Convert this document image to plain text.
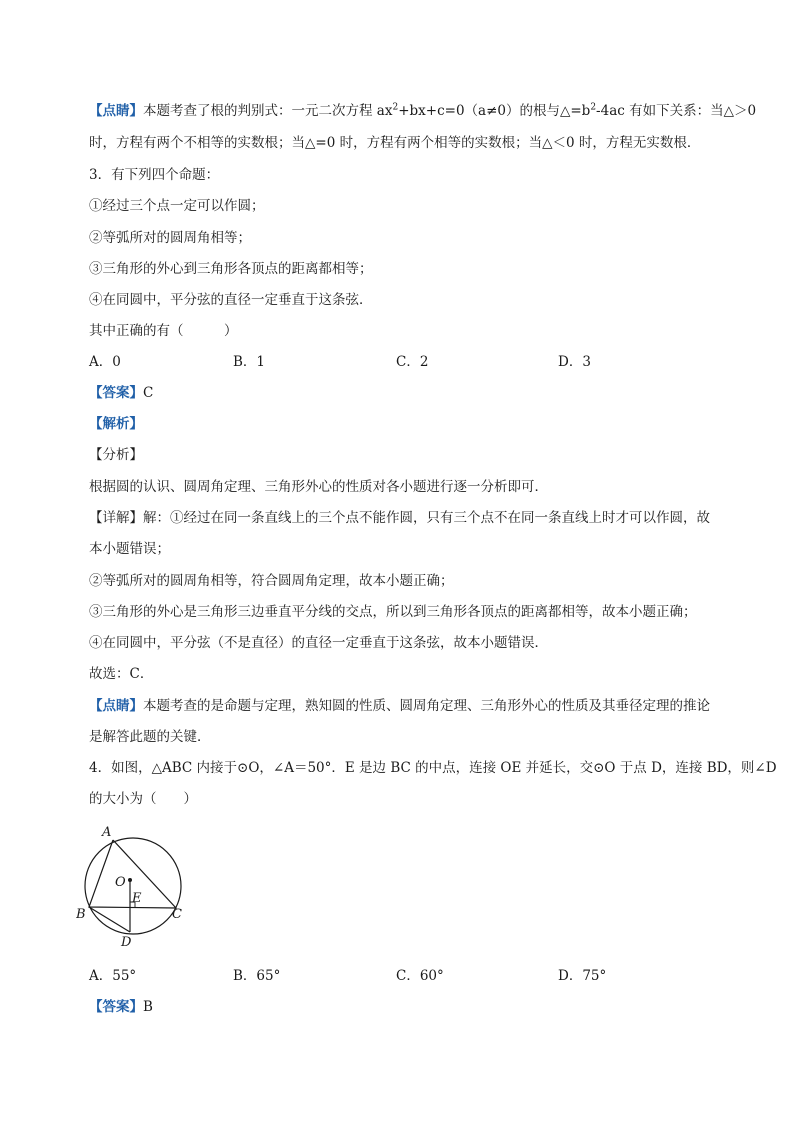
【点睛】本题考查了根的判别式：一元二次方程 $ax^2+bx+c=0(a\ne 0)$的根与$\triangle=b^2-4ac$ 有如下关系：当△＞0
时，方程有两个不相等的实数根；当△=0 时，方程有两个相等的实数根；当△＜0 时，方程无实数根．
3．有下列四个命题：
①经过三个点一定可以作圆；
②等弧所对的圆周角相等；
③三角形的外心到三角形各顶点的距离都相等；
④在同圆中，平分弦的直径一定垂直于这条弦．
其中正确的有（　　　）
A．0	B．1	C．2	D．3
【答案】C
【解析】
【分析】
根据圆的认识、圆周角定理、三角形外心的性质对各小题进行逐一分析即可．
【详解】解：①经过在同一条直线上的三个点不能作圆，只有三个点不在同一条直线上时才可以作圆，故
本小题错误；
②等弧所对的圆周角相等，符合圆周角定理，故本小题正确；
③三角形的外心是三角形三边垂直平分线的交点，所以到三角形各顶点的距离都相等，故本小题正确；
④在同圆中，平分弦（不是直径）的直径一定垂直于这条弦，故本小题错误．
故选：C．
【点睛】本题考查的是命题与定理，熟知圆的性质、圆周角定理、三角形外心的性质及其垂径定理的推论
是解答此题的关键．
4．如图，△ABC 内接于⊙O，∠A＝50°．E 是边 BC 的中点，连接 OE 并延长，交⊙O 于点 D，连接 BD，则∠D
的大小为（　　）
A
O
E
B	C
D
A．55°	B．65°	C．60°	D．75°
【答案】B
